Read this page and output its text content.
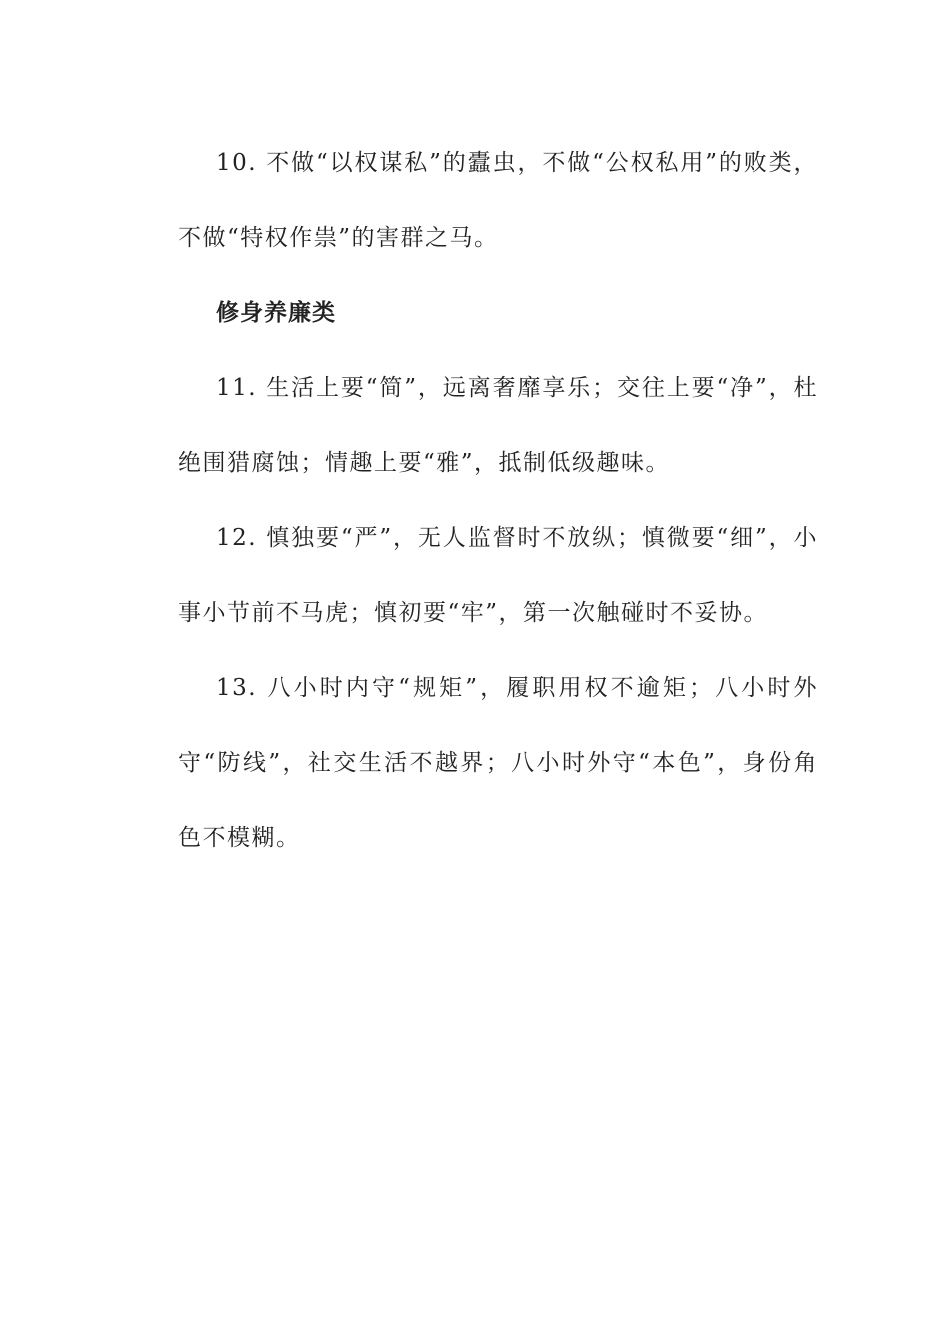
10. 不做“以权谋私”的蠹虫，不做“公权私用”的败类，不做“特权作祟”的害群之马。

修身养廉类

11. 生活上要“简”，远离奢靡享乐；交往上要“净”，杜绝围猎腐蚀；情趣上要“雅”，抵制低级趣味。

12. 慎独要“严”，无人监督时不放纵；慎微要“细”，小事小节前不马虎；慎初要“牢”，第一次触碰时不妥协。

13. 八小时内守“规矩”，履职用权不逾矩；八小时外守“防线”，社交生活不越界；八小时外守“本色”，身份角色不模糊。
